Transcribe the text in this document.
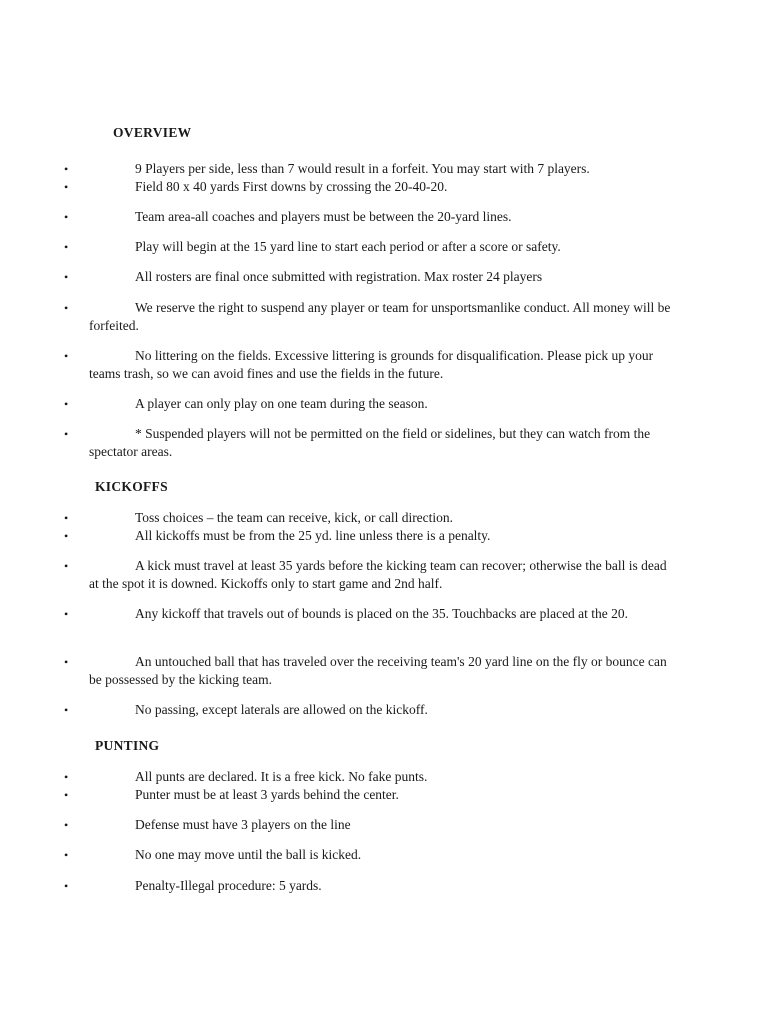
OVERVIEW
•	9 Players per side, less than 7 would result in a forfeit. You may start with 7 players.
•	Field 80 x 40 yards First downs by crossing the 20-40-20.
•	Team area-all coaches and players must be between the 20-yard lines.
•	Play will begin at the 15 yard line to start each period or after a score or safety.
•	All rosters are final once submitted with registration. Max roster 24 players
•	We reserve the right to suspend any player or team for unsportsmanlike conduct. All money will be forfeited.
•	No littering on the fields. Excessive littering is grounds for disqualification. Please pick up your teams trash, so we can avoid fines and use the fields in the future.
•	A player can only play on one team during the season.
•	* Suspended players will not be permitted on the field or sidelines, but they can watch from the spectator areas.
KICKOFFS
•	Toss choices – the team can receive, kick, or call direction.
•	All kickoffs must be from the 25 yd. line unless there is a penalty.
•	A kick must travel at least 35 yards before the kicking team can recover; otherwise the ball is dead at the spot it is downed. Kickoffs only to start game and 2nd half.
•	Any kickoff that travels out of bounds is placed on the 35. Touchbacks are placed at the 20.
•	An untouched ball that has traveled over the receiving team's 20 yard line on the fly or bounce can be possessed by the kicking team.
•	No passing, except laterals are allowed on the kickoff.
PUNTING
•	All punts are declared. It is a free kick. No fake punts.
•	Punter must be at least 3 yards behind the center.
•	Defense must have 3 players on the line
•	No one may move until the ball is kicked.
•	Penalty-Illegal procedure: 5 yards.
